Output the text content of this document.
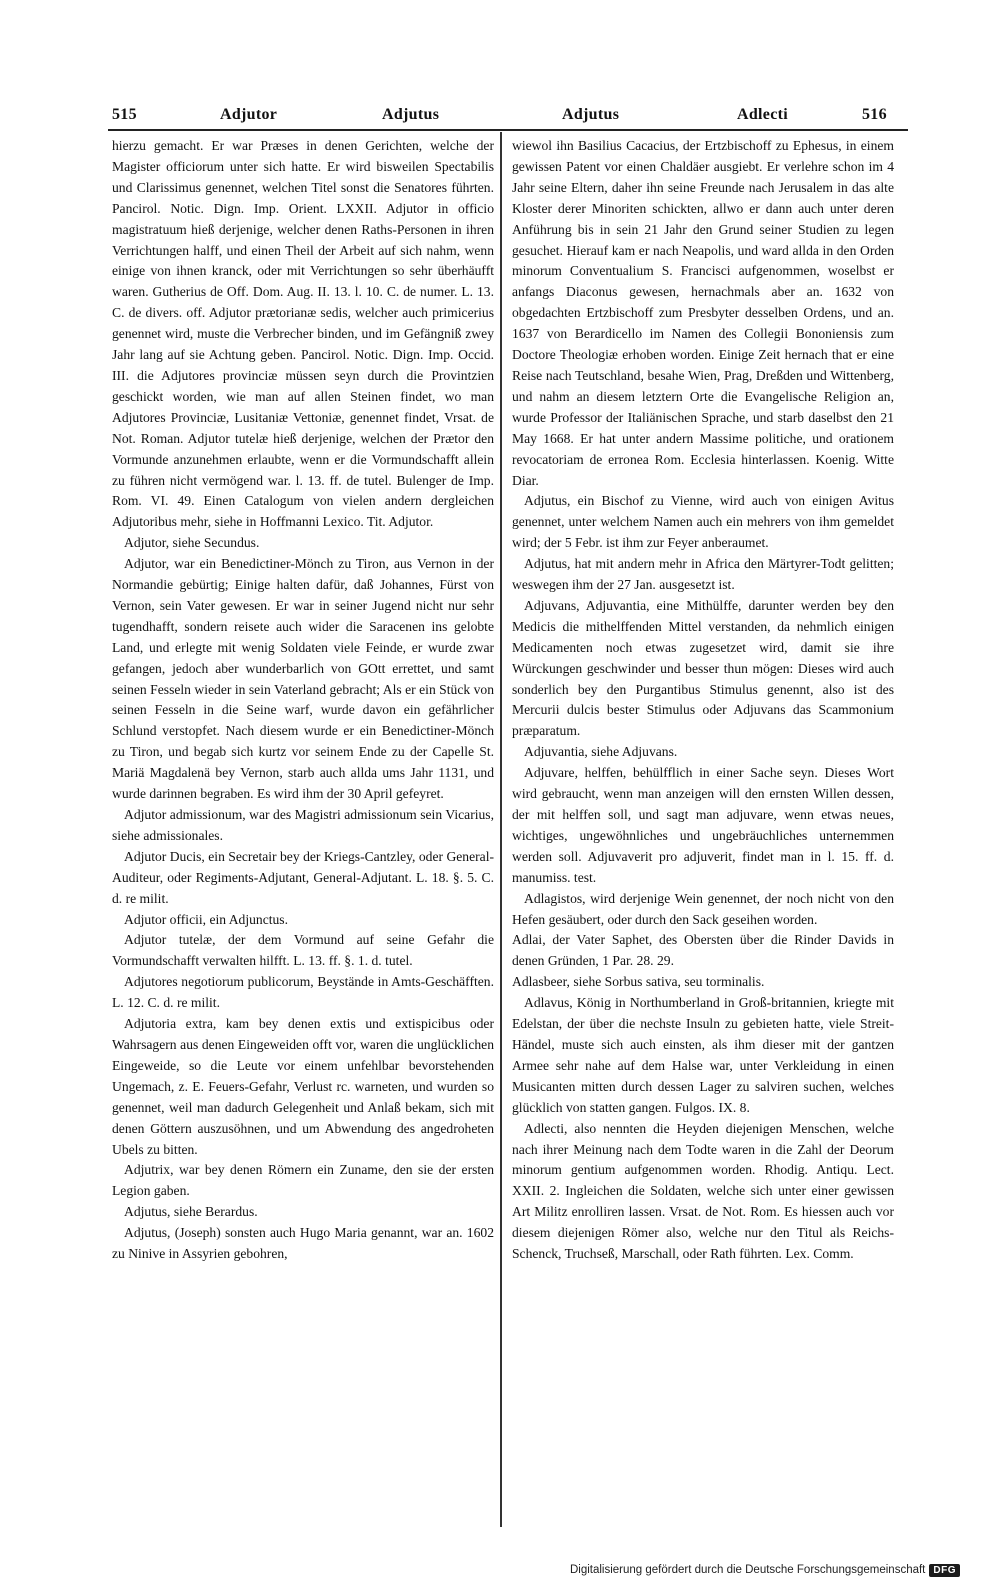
515	Adjutor	Adjutus	Adjutus	Adlecti	516

hierzu gemacht. Er war Præses in denen Gerichten, welche der Magister officiorum unter sich hatte. Er wird bisweilen Spectabilis und Clarissimus genennet, welchen Titel sonst die Senatores führten. Pancirol. Notic. Dign. Imp. Orient. LXXII. Adjutor in officio magistratuum hieß derjenige, welcher denen Raths-Personen in ihren Verrichtungen halff, und einen Theil der Arbeit auf sich nahm, wenn einige von ihnen kranck, oder mit Verrichtungen so sehr überhäufft waren. Gutherius de Off. Dom. Aug. II. 13. l. 10. C. de numer. L. 13. C. de divers. off. Adjutor prætorianæ sedis, welcher auch primicerius genennet wird, muste die Verbrecher binden, und im Gefängniß zwey Jahr lang auf sie Achtung geben. Pancirol. Notic. Dign. Imp. Occid. III. die Adjutores provinciæ müssen seyn durch die Provintzien geschickt worden, wie man auf allen Steinen findet, wo man Adjutores Provinciæ, Lusitaniæ Vettoniæ, genennet findet, Vrsat. de Not. Roman. Adjutor tutelæ hieß derjenige, welchen der Prætor den Vormunde anzunehmen erlaubte, wenn er die Vormundschafft allein zu führen nicht vermögend war. l. 13. ff. de tutel. Bulenger de Imp. Rom. VI. 49. Einen Catalogum von vielen andern dergleichen Adjutoribus mehr, siehe in Hoffmanni Lexico. Tit. Adjutor.

Adjutor, siehe Secundus.

Adjutor, war ein Benedictiner-Mönch zu Tiron, aus Vernon in der Normandie gebürtig; Einige halten dafür, daß Johannes, Fürst von Vernon, sein Vater gewesen. Er war in seiner Jugend nicht nur sehr tugendhafft, sondern reisete auch wider die Saracenen ins gelobte Land, und erlegte mit wenig Soldaten viele Feinde, er wurde zwar gefangen, jedoch aber wunderbarlich von GOtt errettet, und samt seinen Fesseln wieder in sein Vaterland gebracht; Als er ein Stück von seinen Fesseln in die Seine warf, wurde davon ein gefährlicher Schlund verstopfet. Nach diesem wurde er ein Benedictiner-Mönch zu Tiron, und begab sich kurtz vor seinem Ende zu der Capelle St. Mariä Magdalenä bey Vernon, starb auch allda ums Jahr 1131, und wurde darinnen begraben. Es wird ihm der 30 April gefeyret.

Adjutor admissionum, war des Magistri admissionum sein Vicarius, siehe admissionales.

Adjutor Ducis, ein Secretair bey der Kriegs-Cantzley, oder General-Auditeur, oder Regiments-Adjutant, General-Adjutant. L. 18. §. 5. C. d. re milit.

Adjutor officii, ein Adjunctus.

Adjutor tutelæ, der dem Vormund auf seine Gefahr die Vormundschafft verwalten hilfft. L. 13. ff. §. 1. d. tutel.

Adjutores negotiorum publicorum, Beystände in Amts-Geschäfften. L. 12. C. d. re milit.

Adjutoria extra, kam bey denen extis und extispicibus oder Wahrsagern aus denen Eingeweiden offt vor, waren die unglücklichen Eingeweide, so die Leute vor einem unfehlbar bevorstehenden Ungemach, z. E. Feuers-Gefahr, Verlust rc. warneten, und wurden so genennet, weil man dadurch Gelegenheit und Anlaß bekam, sich mit denen Göttern auszusöhnen, und um Abwendung des angedroheten Ubels zu bitten.

Adjutrix, war bey denen Römern ein Zuname, den sie der ersten Legion gaben.

Adjutus, siehe Berardus.

Adjutus, (Joseph) sonsten auch Hugo Maria genannt, war an. 1602 zu Ninive in Assyrien gebohren,

wiewol ihn Basilius Cacacius, der Ertzbischoff zu Ephesus, in einem gewissen Patent vor einen Chaldäer ausgiebt. Er verlehre schon im 4 Jahr seine Eltern, daher ihn seine Freunde nach Jerusalem in das alte Kloster derer Minoriten schickten, allwo er dann auch unter deren Anführung bis in sein 21 Jahr den Grund seiner Studien zu legen gesuchet. Hierauf kam er nach Neapolis, und ward allda in den Orden minorum Conventualium S. Francisci aufgenommen, woselbst er anfangs Diaconus gewesen, hernachmals aber an. 1632 von obgedachten Ertzbischoff zum Presbyter desselben Ordens, und an. 1637 von Berardicello im Namen des Collegii Bononiensis zum Doctore Theologiæ erhoben worden. Einige Zeit hernach that er eine Reise nach Teutschland, besahe Wien, Prag, Dreßden und Wittenberg, und nahm an diesem letztern Orte die Evangelische Religion an, wurde Professor der Italiänischen Sprache, und starb daselbst den 21 May 1668. Er hat unter andern Massime politiche, und orationem revocatoriam de erronea Rom. Ecclesia hinterlassen. Koenig. Witte Diar.

Adjutus, ein Bischof zu Vienne, wird auch von einigen Avitus genennet, unter welchem Namen auch ein mehrers von ihm gemeldet wird; der 5 Febr. ist ihm zur Feyer anberaumet.

Adjutus, hat mit andern mehr in Africa den Märtyrer-Todt gelitten; weswegen ihm der 27 Jan. ausgesetzt ist.

Adjuvans, Adjuvantia, eine Mithülffe, darunter werden bey den Medicis die mithelffenden Mittel verstanden, da nehmlich einigen Medicamenten noch etwas zugesetzet wird, damit sie ihre Würckungen geschwinder und besser thun mögen: Dieses wird auch sonderlich bey den Purgantibus Stimulus genennt, also ist des Mercurii dulcis bester Stimulus oder Adjuvans das Scammonium præparatum.

Adjuvantia, siehe Adjuvans.

Adjuvare, helffen, behülfflich in einer Sache seyn. Dieses Wort wird gebraucht, wenn man anzeigen will den ernsten Willen dessen, der mit helffen soll, und sagt man adjuvare, wenn etwas neues, wichtiges, ungewöhnliches und ungebräuchliches unternemmen werden soll. Adjuvaverit pro adjuverit, findet man in l. 15. ff. d. manumiss. test.

Adlagistos, wird derjenige Wein genennet, der noch nicht von den Hefen gesäubert, oder durch den Sack geseihen worden.

Adlai, der Vater Saphet, des Obersten über die Rinder Davids in denen Gründen, 1 Par. 28. 29.

Adlasbeer, siehe Sorbus sativa, seu torminalis.

Adlavus, König in Northumberland in Groß-britannien, kriegte mit Edelstan, der über die nechste Insuln zu gebieten hatte, viele Streit-Händel, muste sich auch einsten, als ihm dieser mit der gantzen Armee sehr nahe auf dem Halse war, unter Verkleidung in einen Musicanten mitten durch dessen Lager zu salviren suchen, welches glücklich von statten gangen. Fulgos. IX. 8.

Adlecti, also nennten die Heyden diejenigen Menschen, welche nach ihrer Meinung nach dem Todte waren in die Zahl der Deorum minorum gentium aufgenommen worden. Rhodig. Antiqu. Lect. XXII. 2. Ingleichen die Soldaten, welche sich unter einer gewissen Art Militz enrolliren lassen. Vrsat. de Not. Rom. Es hiessen auch vor diesem diejenigen Römer also, welche nur den Titul als Reichs-Schenck, Truchseß, Marschall, oder Rath führten. Lex. Comm.

Digitalisierung gefördert durch die Deutsche Forschungsgemeinschaft DFG
